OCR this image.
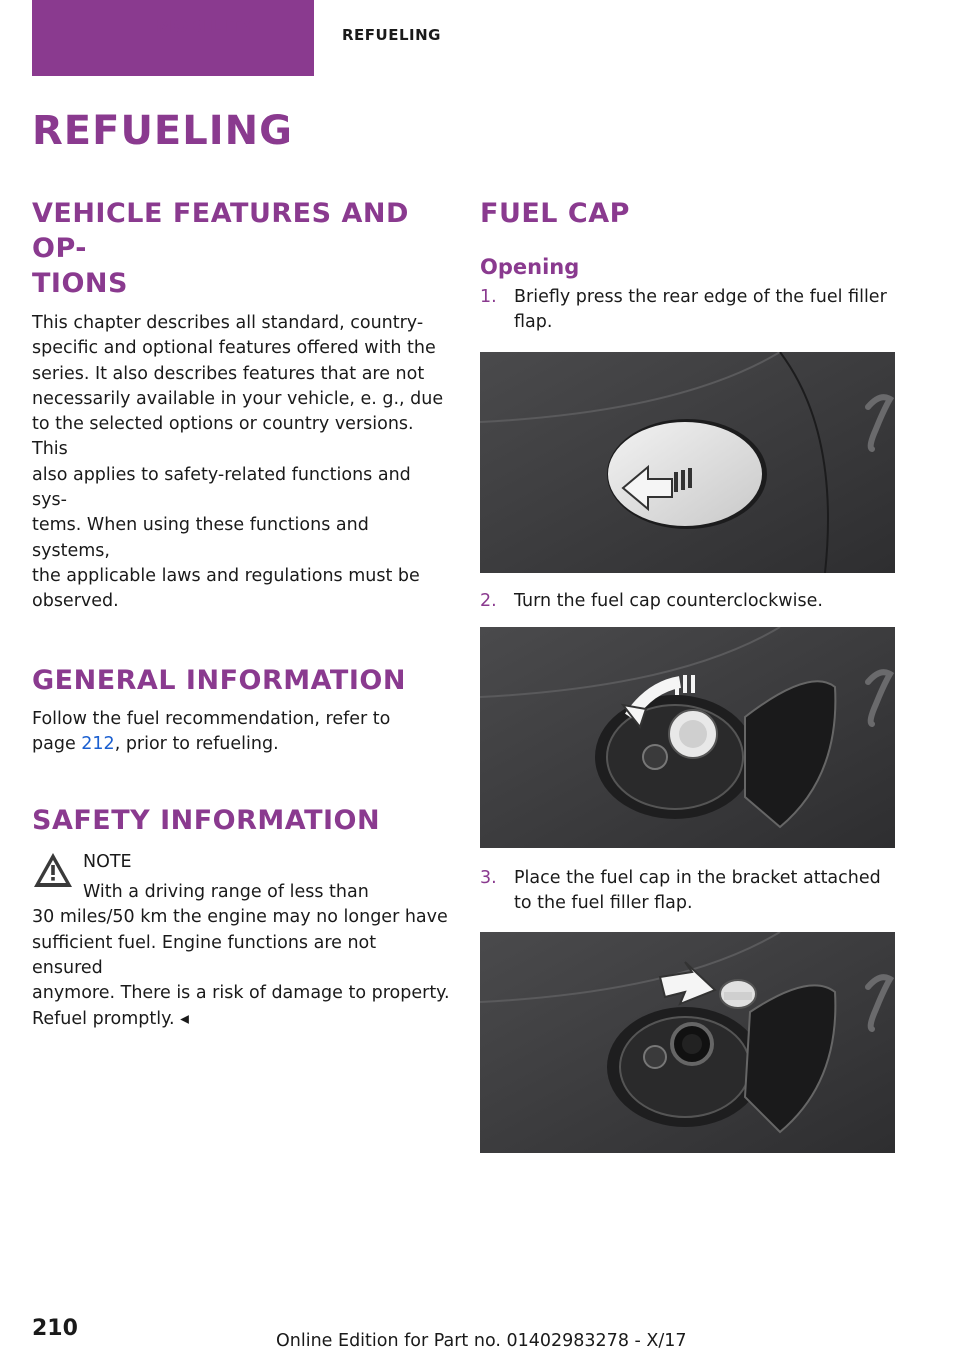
MOBILITY	REFUELING
REFUELING
VEHICLE FEATURES AND OP-
TIONS

This chapter describes all standard, country-
specific and optional features offered with the
series. It also describes features that are not
necessarily available in your vehicle, e. g., due
to the selected options or country versions. This
also applies to safety-related functions and sys-
tems. When using these functions and systems,
the applicable laws and regulations must be
observed.

GENERAL INFORMATION

Follow the fuel recommendation, refer to
page 212, prior to refueling.

SAFETY INFORMATION

NOTE

With a driving range of less than
30 miles/50 km the engine may no longer have
sufficient fuel. Engine functions are not ensured
anymore. There is a risk of damage to property.
Refuel promptly. ◂

FUEL CAP
Opening
1. Briefly press the rear edge of the fuel filler
flap.
2. Turn the fuel cap counterclockwise.
3. Place the fuel cap in the bracket attached
to the fuel filler flap.
210	Online Edition for Part no. 01402983278 - X/17
